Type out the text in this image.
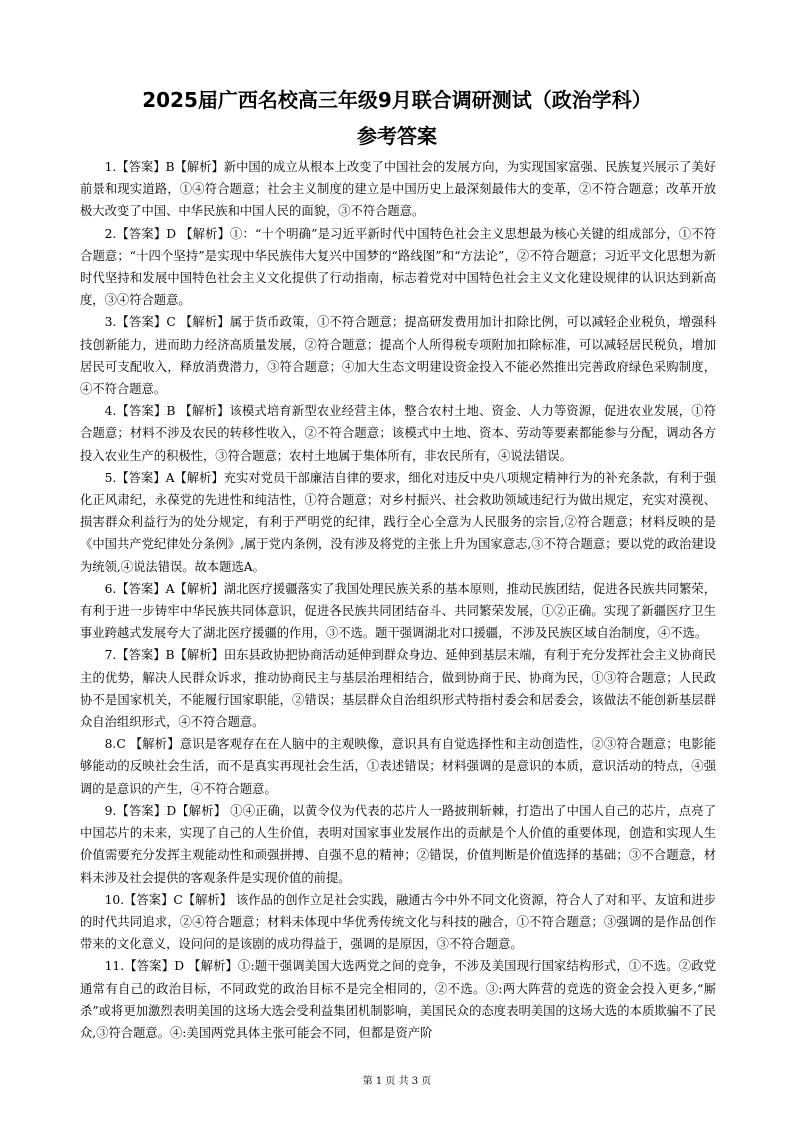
2025届广西名校高三年级9月联合调研测试（政治学科）
参考答案

1.【答案】B【解析】新中国的成立从根本上改变了中国社会的发展方向，为实现国家富强、民族复兴展示了美好前景和现实道路，①④符合题意；社会主义制度的建立是中国历史上最深刻最伟大的变革，②不符合题意；改革开放极大改变了中国、中华民族和中国人民的面貌，③不符合题意。

2.【答案】D 【解析】①：“十个明确”是习近平新时代中国特色社会主义思想最为核心关键的组成部分，①不符合题意；“十四个坚持”是实现中华民族伟大复兴中国梦的“路线图”和“方法论”，②不符合题意；习近平文化思想为新时代坚持和发展中国特色社会主义文化提供了行动指南，标志着党对中国特色社会主义文化建设规律的认识达到新高度，③④符合题意。

3.【答案】C 【解析】属于货币政策，①不符合题意；提高研发费用加计扣除比例，可以减轻企业税负，增强科技创新能力，进而助力经济高质量发展，②符合题意；提高个人所得税专项附加扣除标准，可以减轻居民税负，增加居民可支配收入，释放消费潜力，③符合题意；④加大生态文明建设资金投入不能必然推出完善政府绿色采购制度，④不符合题意。

4.【答案】B 【解析】该模式培育新型农业经营主体，整合农村土地、资金、人力等资源，促进农业发展，①符合题意；材料不涉及农民的转移性收入，②不符合题意；该模式中土地、资本、劳动等要素都能参与分配，调动各方投入农业生产的积极性，③符合题意；农村土地属于集体所有，非农民所有，④说法错误。

5.【答案】A【解析】充实对党员干部廉洁自律的要求，细化对违反中央八项规定精神行为的补充条款，有利于强化正风肃纪，永葆党的先进性和纯洁性，①符合题意；对乡村振兴、社会救助领域违纪行为做出规定，充实对漠视、损害群众利益行为的处分规定，有利于严明党的纪律，践行全心全意为人民服务的宗旨,②符合题意；材料反映的是《中国共产党纪律处分条例》,属于党内条例，没有涉及将党的主张上升为国家意志,③不符合题意；要以党的政治建设为统领,④说法错误。故本题选A。

6.【答案】A【解析】湖北医疗援疆落实了我国处理民族关系的基本原则，推动民族团结，促进各民族共同繁荣，有利于进一步铸牢中华民族共同体意识，促进各民族共同团结奋斗、共同繁荣发展，①②正确。实现了新疆医疗卫生事业跨越式发展夸大了湖北医疗援疆的作用，③不选。题干强调湖北对口援疆，不涉及民族区域自治制度，④不选。

7.【答案】B【解析】田东县政协把协商活动延伸到群众身边、延伸到基层末端，有利于充分发挥社会主义协商民主的优势，解决人民群众诉求，推动协商民主与基层治理相结合，做到协商于民、协商为民，①③符合题意；人民政协不是国家机关，不能履行国家职能，②错误；基层群众自治组织形式特指村委会和居委会，该做法不能创新基层群众自治组织形式，④不符合题意。

8.C 【解析】意识是客观存在在人脑中的主观映像，意识具有自觉选择性和主动创造性，②③符合题意；电影能够能动的反映社会生活，而不是真实再现社会生活，①表述错误；材料强调的是意识的本质，意识活动的特点，④强调的是意识的产生，④不符合题意。

9.【答案】D【解析】 ①④正确，以黄令仪为代表的芯片人一路披荆斩棘，打造出了中国人自己的芯片，点亮了中国芯片的未来，实现了自己的人生价值，表明对国家事业发展作出的贡献是个人价值的重要体现，创造和实现人生价值需要充分发挥主观能动性和顽强拼搏、自强不息的精神；②错误，价值判断是价值选择的基础；③不合题意，材料未涉及社会提供的客观条件是实现价值的前提。

10.【答案】C【解析】 该作品的创作立足社会实践，融通古今中外不同文化资源，符合人了对和平、友谊和进步的时代共同追求，②④符合题意；材料未体现中华优秀传统文化与科技的融合，①不符合题意；③强调的是作品创作带来的文化意义，设问问的是该剧的成功得益于，强调的是原因，③不符合题意。

11.【答案】D 【解析】①:题干强调美国大选两党之间的竞争，不涉及美国现行国家结构形式，①不选。②政党通常有自己的政治目标，不同政党的政治目标不是完全相同的，②不选。③:两大阵营的竞选的资金会投入更多,“厮杀”或将更加激烈表明美国的这场大选会受利益集团机制影响，美国民众的态度表明美国的这场大选的本质欺骗不了民众,③符合题意。④:美国两党具体主张可能会不同，但都是资产阶

第 1 页 共 3 页
